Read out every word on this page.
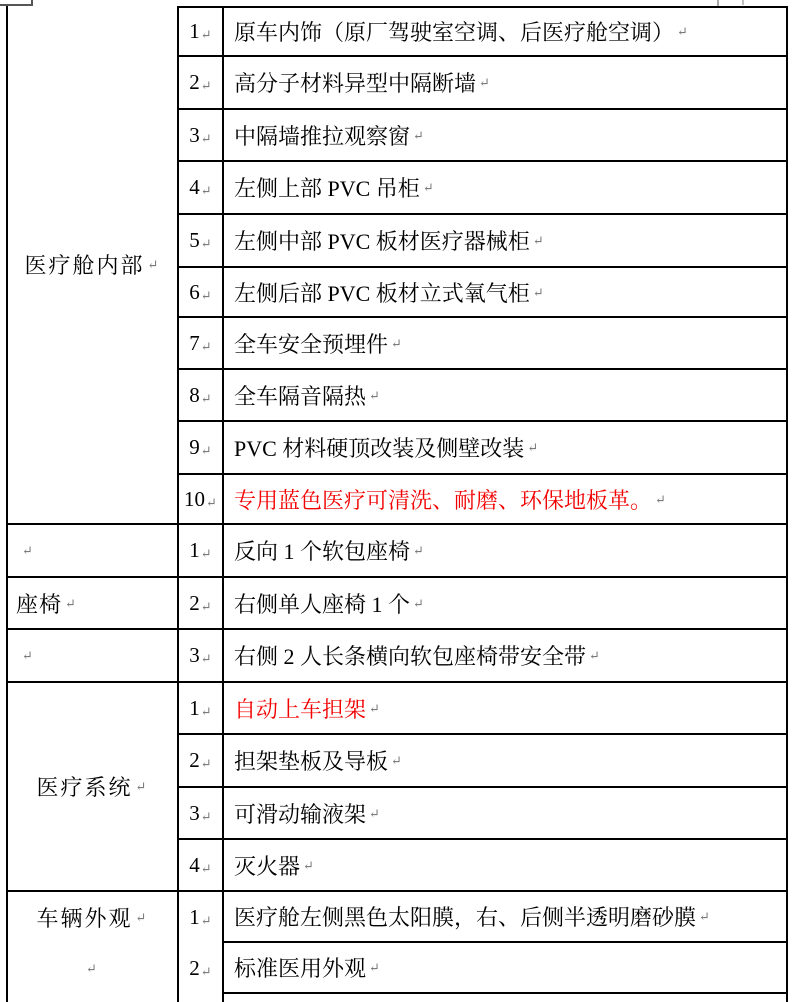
医疗舱内部 ↵
1 ↵ 原车内饰（原厂驾驶室空调、后医疗舱空调） ↵
2 ↵ 高分子材料异型中隔断墙 ↵
3 ↵ 中隔墙推拉观察窗 ↵
4 ↵ 左侧上部 PVC 吊柜 ↵
5 ↵ 左侧中部 PVC 板材医疗器械柜 ↵
6 ↵ 左侧后部 PVC 板材立式氧气柜 ↵
7 ↵ 全车安全预埋件 ↵
8 ↵ 全车隔音隔热 ↵
9 ↵ PVC 材料硬顶改装及侧壁改装 ↵
10 ↵ 专用蓝色医疗可清洗、耐磨、环保地板革。 ↵
↵	1 ↵ 反向 1 个软包座椅 ↵
座椅 ↵	2 ↵ 右侧单人座椅 1 个 ↵
↵	3 ↵ 右侧 2 人长条横向软包座椅带安全带 ↵
医疗系统 ↵
1 ↵ 自动上车担架 ↵
2 ↵ 担架垫板及导板 ↵
3 ↵ 可滑动输液架 ↵
4 ↵ 灭火器 ↵
车辆外观 ↵
↵
1 ↵ 医疗舱左侧黑色太阳膜，右、后侧半透明磨砂膜 ↵
2 ↵ 标准医用外观 ↵
